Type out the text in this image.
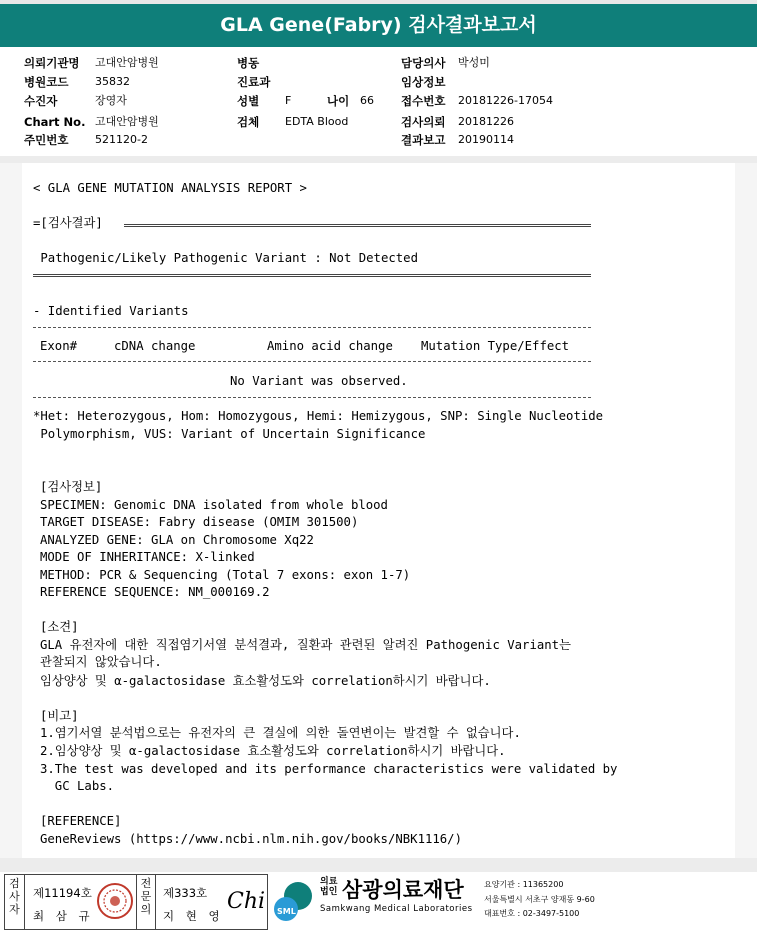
GLA Gene(Fabry) 검사결과보고서
의뢰기관명 고대안암병원
병원코드 35832
수진자	장영자
Chart No. 고대안암병원
주민번호 521120-2
병동
진료과
성별 F	나이 66
검체 EDTA Blood
담당의사 박성미
임상정보
접수번호 20181226-17054
검사의뢰 20181226
결과보고 20190114
< GLA GENE MUTATION ANALYSIS REPORT >
=[검사결과]
Pathogenic/Likely Pathogenic Variant : Not Detected
- Identified Variants
Exon#	cDNA change	Amino acid change Mutation Type/Effect
No Variant was observed.
*Het: Heterozygous, Hom: Homozygous, Hemi: Hemizygous, SNP: Single Nucleotide
Polymorphism, VUS: Variant of Uncertain Significance
[검사정보]
SPECIMEN: Genomic DNA isolated from whole blood
TARGET DISEASE: Fabry disease (OMIM 301500)
ANALYZED GENE: GLA on Chromosome Xq22
MODE OF INHERITANCE: X-linked
METHOD: PCR & Sequencing (Total 7 exons: exon 1-7)
REFERENCE SEQUENCE: NM_000169.2
[소견]
GLA 유전자에 대한 직접염기서열 분석결과, 질환과 관련된 알려진 Pathogenic Variant는
관찰되지 않았습니다.
임상양상 및 α-galactosidase 효소활성도와 correlation하시기 바랍니다.
[비고]
1.염기서열 분석법으로는 유전자의 큰 결실에 의한 돌연변이는 발견할 수 없습니다.
2.임상양상 및 α-galactosidase 효소활성도와 correlation하시기 바랍니다.
3.The test was developed and its performance characteristics were validated by
GC Labs.
[REFERENCE]
GeneReviews (https://www.ncbi.nlm.nih.gov/books/NBK1116/)
검사자
제11194호
최 삼 규
전문의
제333호
지 현 영
Chi SML
의료법인 삼광의료재단
Samkwang Medical Laboratories
요양기관 : 11365200
서울특별시 서초구 양재동 9-60
대표번호 : 02-3497-5100
